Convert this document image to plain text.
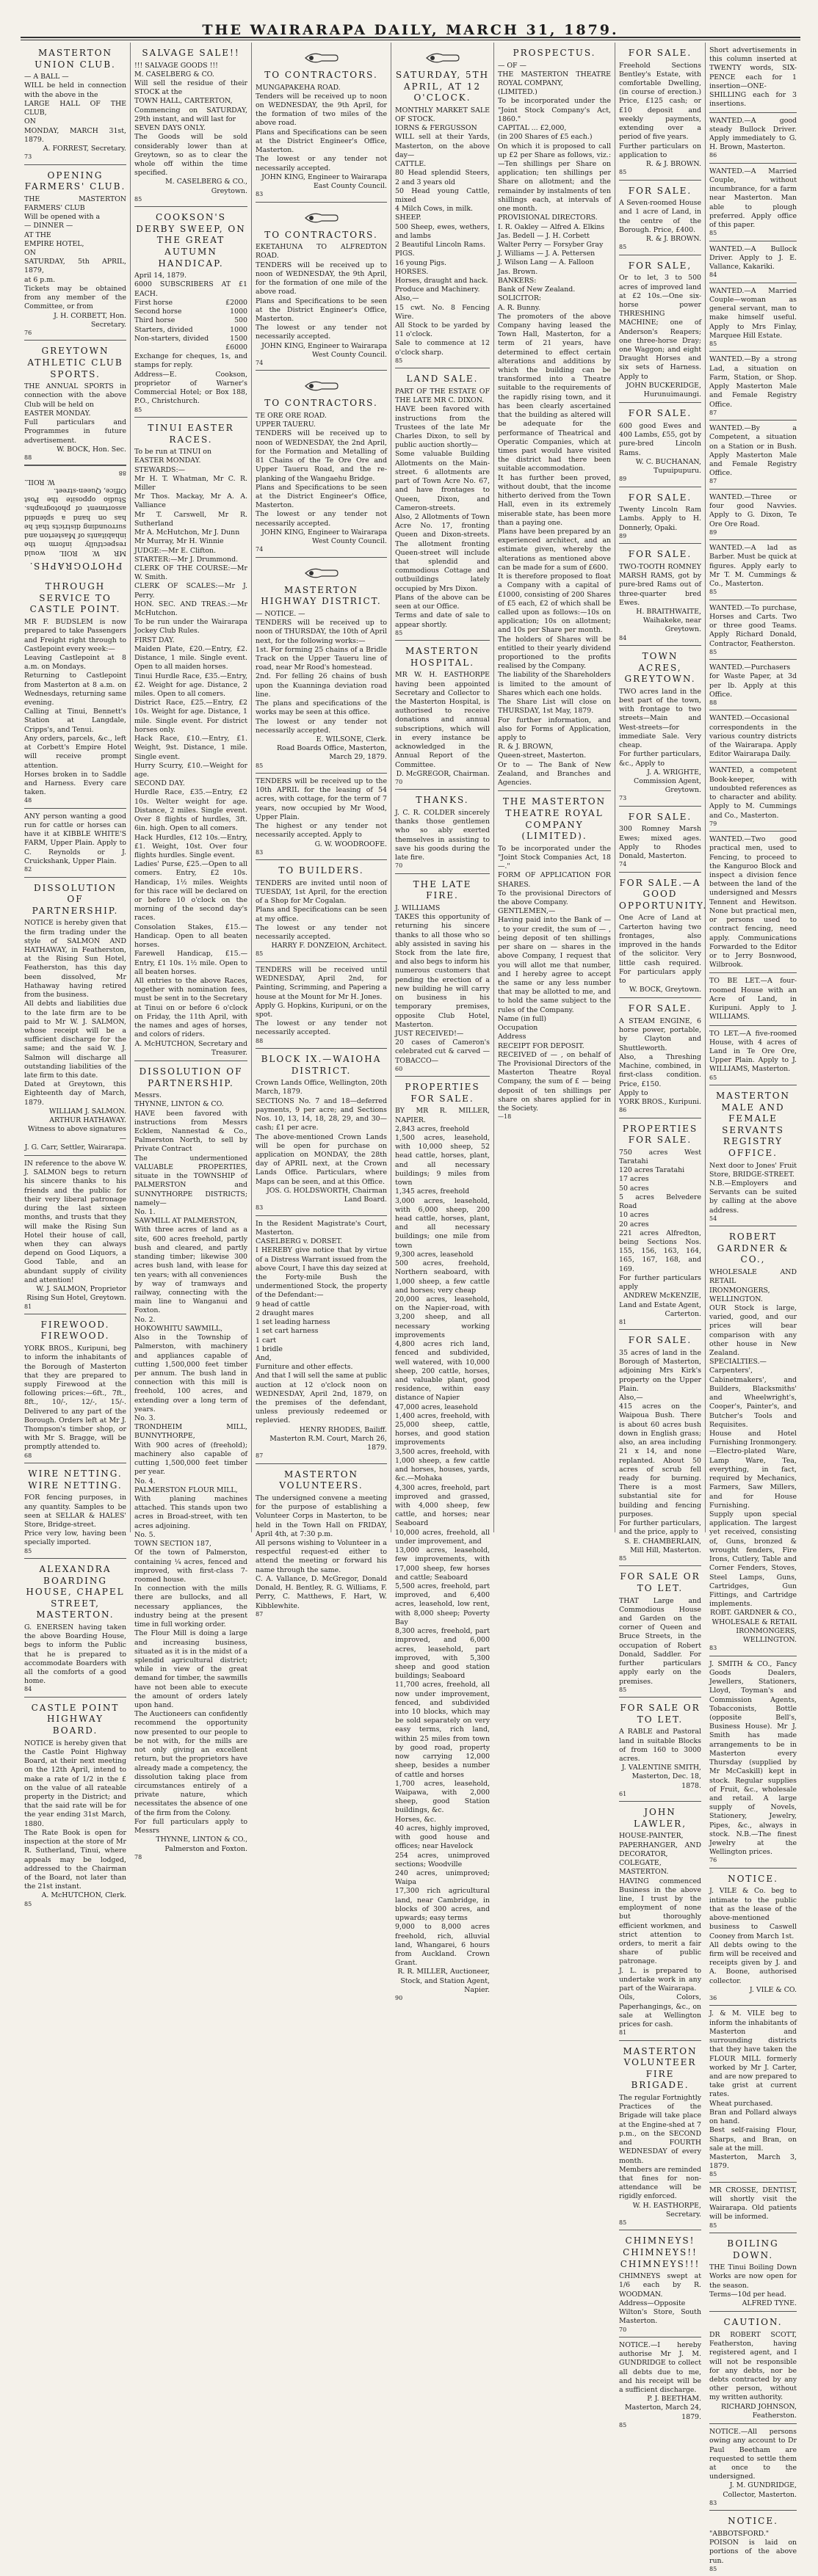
THE WAIRARAPA DAILY, MARCH 31, 1879.
MASTERTON UNION CLUB.
— A BALL —
WILL be held in connection with the above in the
LARGE HALL OF THE CLUB,
ON
MONDAY, MARCH 31st, 1879.
A. FORREST, Secretary.
73
OPENING FARMERS' CLUB.
THE MASTERTON FARMERS' CLUB
Will be opened with a
— DINNER —
AT THE
EMPIRE HOTEL,
ON
SATURDAY, 5th APRIL, 1879,
at 6 p.m.
Tickets may be obtained from any member of the Committee, or from
J. H. CORBETT, Hon. Secretary.
76
GREYTOWN ATHLETIC CLUB SPORTS.
THE ANNUAL SPORTS in connection with the above Club will be held on
EASTER MONDAY.
Full particulars and Programmes in future advertisement.
W. BOCK, Hon. Sec.
88
PHOTOGRAPHS.
MR W. ROIL would respectfully inform the inhabitants of Masterton and surrounding districts that he has on hand a splendid assortment of photographs. Studio opposite the Post Office, Queen-street.
W. ROIL.
88
THROUGH SERVICE TO CASTLE POINT.
MR F. BUDSLEM is now prepared to take Passengers and Freight right through to Castlepoint every week:—
Leaving Castlepoint at 8 a.m. on Mondays.
Returning to Castlepoint from Masterton at 8 a.m. on Wednesdays, returning same evening.
Calling at Tinui, Bennett's Station at Langdale, Cripps's, and Tenui.
Any orders, parcels, &c., left at Corbett's Empire Hotel will receive prompt attention.
Horses broken in to Saddle and Harness. Every care taken.
48
ANY person wanting a good run for cattle or horses can have it at KIBBLE WHITE'S FARM, Upper Plain. Apply to C. Reynolds or J. Cruickshank, Upper Plain.
82
DISSOLUTION OF PARTNERSHIP.
NOTICE is hereby given that the firm trading under the style of SALMON AND HATHAWAY, in Featherston, at the Rising Sun Hotel, Featherston, has this day been dissolved, Mr Hathaway having retired from the business.
All debts and liabilities due to the late firm are to be paid to Mr W. J. SALMON, whose receipt will be a sufficient discharge for the same; and the said W. J. Salmon will discharge all outstanding liabilities of the late firm to this date.
Dated at Greytown, this Eighteenth day of March, 1879.
WILLIAM J. SALMON.
ARTHUR HATHAWAY.
Witness to above signatures—
J. G. Carr, Settler, Wairarapa.
IN reference to the above W. J. SALMON begs to return his sincere thanks to his friends and the public for their very liberal patronage during the last sixteen months, and trusts that they will make the Rising Sun Hotel their house of call, when they can always depend on Good Liquors, a Good Table, and an abundant supply of civility and attention!
W. J. SALMON, Proprietor Rising Sun Hotel, Greytown.
81
FIREWOOD. FIREWOOD.
YORK BROS., Kuripuni, beg to inform the inhabitants of the Borough of Masterton that they are prepared to supply Firewood at the following prices:—6ft., 7ft., 8ft., 10/-, 12/-, 15/-. Delivered to any part of the Borough. Orders left at Mr J. Thompson's timber shop, or with Mr S. Bragge, will be promptly attended to.
68
WIRE NETTING. WIRE NETTING.
FOR fencing purposes, in any quantity. Samples to be seen at SELLAR & HALES' Store, Bridge-street.
Price very low, having been specially imported.
85
ALEXANDRA BOARDING HOUSE, CHAPEL STREET, MASTERTON.
G. ENERSEN having taken the above Boarding House, begs to inform the Public that he is prepared to accommodate Boarders with all the comforts of a good home.
84
CASTLE POINT HIGHWAY BOARD.
NOTICE is hereby given that the Castle Point Highway Board, at their next meeting on the 12th April, intend to make a rate of 1/2 in the £ on the value of all rateable property in the District; and that the said rate will be for the year ending 31st March, 1880.
The Rate Book is open for inspection at the store of Mr R. Sutherland, Tinui, where appeals may be lodged, addressed to the Chairman of the Board, not later than the 21st instant.
A. McHUTCHON, Clerk.
85
SALVAGE SALE!!
!!! SALVAGE GOODS !!!
M. CASELBERG & CO.
Will sell the residue of their STOCK at the
TOWN HALL, CARTERTON,
Commencing on SATURDAY, 29th instant, and will last for
SEVEN DAYS ONLY.
The Goods will be sold considerably lower than at Greytown, so as to clear the whole off within the time specified.
M. CASELBERG & CO., Greytown.
85
COOKSON'S DERBY SWEEP, ON THE GREAT AUTUMN HANDICAP.
April 14, 1879.
6000 SUBSCRIBERS AT £1 EACH.
First horse	£2000
Second horse	1000
Third horse	500
Starters, divided	1000
Non-starters, divided	1500
£6000
Exchange for cheques, 1s, and stamps for reply.
Address—E. Cookson, proprietor of Warner's Commercial Hotel; or Box 188, P.O., Christchurch.
85
TINUI EASTER RACES.
To be run at TINUI on
EASTER MONDAY.
STEWARDS:—
Mr H. T. Whatman, Mr C. R. Miller
Mr Thos. Mackay, Mr A. A. Valliance
Mr T. Carswell, Mr R. Sutherland
Mr A. McHutchon, Mr J. Dunn
Mr Murray, Mr H. Winnie
JUDGE:—Mr E. Clifton.
STARTER:—Mr J. Drummond.
CLERK OF THE COURSE:—Mr W. Smith.
CLERK OF SCALES:—Mr J. Perry.
HON. SEC. AND TREAS.:—Mr McHutchon.
To be run under the Wairarapa Jockey Club Rules.
FIRST DAY.
Maiden Plate, £20.—Entry, £2. Distance, 1 mile. Single event. Open to all maiden horses.
Tinui Hurdle Race, £35.—Entry, £2. Weight for age. Distance, 2 miles. Open to all comers.
District Race, £25.—Entry, £2 10s. Weight for age. Distance, 1 mile. Single event. For district horses only.
Hack Race, £10.—Entry, £1. Weight, 9st. Distance, 1 mile. Single event.
Hurry Scurry, £10.—Weight for age.
SECOND DAY.
Hurdle Race, £35.—Entry, £2 10s. Welter weight for age. Distance, 2 miles. Single event. Over 8 flights of hurdles, 3ft. 6in. high. Open to all comers.
Hack Hurdles, £12 10s.—Entry, £1. Weight, 10st. Over four flights hurdles. Single event.
Ladies' Purse, £25.—Open to all comers. Entry, £2 10s. Handicap, 1½ miles. Weights for this race will be declared on or before 10 o'clock on the morning of the second day's races.
Consolation Stakes, £15.—Handicap. Open to all beaten horses.
Farewell Handicap, £15.—Entry, £1 10s. 1½ mile. Open to all beaten horses.
All entries to the above Races, together with nomination fees, must be sent in to the Secretary at Tinui on or before 6 o'clock on Friday, the 11th April, with the names and ages of horses, and colors of riders.
A. McHUTCHON, Secretary and Treasurer.
DISSOLUTION OF PARTNERSHIP.
Messrs.
THYNNE, LINTON & CO.
HAVE been favored with instructions from Messrs Ecklem, Nannestad & Co., Palmerston North, to sell by Private Contract
The undermentioned VALUABLE PROPERTIES, situate in the TOWNSHIP of PALMERSTON and SUNNYTHORPE DISTRICTS; namely—
No. 1.
SAWMILL AT PALMERSTON,
With three acres of land as a site, 600 acres freehold, partly bush and cleared, and partly standing timber; likewise 300 acres bush land, with lease for ten years; with all conveniences by way of tramways and railway, connecting with the main line to Wanganui and Foxton.
No. 2.
HOKOWHITU SAWMILL,
Also in the Township of Palmerston, with machinery and appliances capable of cutting 1,500,000 feet timber per annum. The bush land in connection with this mill is freehold, 100 acres, and extending over a long term of years.
No. 3.
TRONDHEIM MILL, BUNNYTHORPE,
With 900 acres of (freehold); machinery also capable of cutting 1,500,000 feet timber per year.
No. 4.
PALMERSTON FLOUR MILL,
With planing machines attached. This stands upon two acres in Broad-street, with ten acres adjoining.
No. 5.
TOWN SECTION 187,
Of the town of Palmerston, containing ¼ acres, fenced and improved, with first-class 7-roomed house.
In connection with the mills there are bullocks, and all necessary appliances, the industry being at the present time in full working order.
The Flour Mill is doing a large and increasing business, situated as it is in the midst of a splendid agricultural district; while in view of the great demand for timber, the sawmills have not been able to execute the amount of orders lately upon hand.
The Auctioneers can confidently recommend the opportunity now presented to our people to be not with, for the mills are not only giving an excellent return, but the proprietors have already made a competency, the dissolution taking place from circumstances entirely of a private nature, which necessitates the absence of one of the firm from the Colony.
For full particulars apply to Messrs
THYNNE, LINTON & CO., Palmerston and Foxton.
78
TO CONTRACTORS.
MUNGAPAKEHA ROAD.
Tenders will be received up to noon on WEDNESDAY, the 9th April, for the formation of two miles of the above road.
Plans and Specifications can be seen at the District Engineer's Office, Masterton.
The lowest or any tender not necessarily accepted.
JOHN KING, Engineer to Wairarapa East County Council.
83
TO CONTRACTORS.
EKETAHUNA TO ALFREDTON ROAD.
TENDERS will be received up to noon of WEDNESDAY, the 9th April, for the formation of one mile of the above road.
Plans and Specifications to be seen at the District Engineer's Office, Masterton.
The lowest or any tender not necessarily accepted.
JOHN KING, Engineer to Wairarapa West County Council.
74
TO CONTRACTORS.
TE ORE ORE ROAD.
UPPER TAUERU.
TENDERS will be received up to noon of WEDNESDAY, the 2nd April, for the Formation and Metalling of 81 Chains of the Te Ore Ore and Upper Taueru Road, and the re-planking of the Wangaehu Bridge.
Plans and Specifications to be seen at the District Engineer's Office, Masterton.
The lowest or any tender not necessarily accepted.
JOHN KING, Engineer to Wairarapa West County Council.
74
MASTERTON HIGHWAY DISTRICT.
— NOTICE. —
TENDERS will be received up to noon of THURSDAY, the 10th of April next, for the following works:—
1st. For forming 25 chains of a Bridle Track on the Upper Taueru line of road, near Mr Rood's homestead.
2nd. For felling 26 chains of bush upon the Kuanninga deviation road line.
The plans and specifications of the works may be seen at this office.
The lowest or any tender not necessarily accepted.
E. WILSONE, Clerk.
Road Boards Office, Masterton, March 29, 1879.
85
TENDERS will be received up to the 10th APRIL for the leasing of 54 acres, with cottage, for the term of 7 years, now occupied by Mr Wood, Upper Plain.
The highest or any tender not necessarily accepted. Apply to
G. W. WOODROOFE.
83
TO BUILDERS.
TENDERS are invited until noon of TUESDAY, 1st April, for the erection of a Shop for Mr Cogalan.
Plans and Specifications can be seen at my office.
The lowest or any tender not necessarily accepted.
HARRY F. DONZEION, Architect.
85
TENDERS will be received until WEDNESDAY, April 2nd, for Painting, Scrimming, and Papering a house at the Mount for Mr H. Jones.
Apply G. Hopkins, Kuripuni, or on the spot.
The lowest or any tender not necessarily accepted.
88
BLOCK IX.—WAIOHA DISTRICT.
Crown Lands Office, Wellington, 20th March, 1879.
SECTIONS No. 7 and 18—deferred payments, 9 per acre; and Sections Nos. 10, 13, 14, 18, 28, 29, and 30—cash; £1 per acre.
The above-mentioned Crown Lands will be open for purchase on application on MONDAY, the 28th day of APRIL next, at the Crown Lands Office. Particulars, where Maps can be seen, and at this Office.
JOS. G. HOLDSWORTH, Chairman Land Board.
83
In the Resident Magistrate's Court, Masterton.
CASELBERG v. DORSET.
I HEREBY give notice that by virtue of a Distress Warrant issued from the above Court, I have this day seized at the Forty-mile Bush the undermentioned Stock, the property of the Defendant:—
9 head of cattle
2 draught mares
1 set leading harness
1 set cart harness
1 cart
1 bridle
And,
Furniture and other effects.
And that I will sell the same at public auction at 12 o'clock noon on WEDNESDAY, April 2nd, 1879, on the premises of the defendant, unless previously redeemed or replevied.
HENRY RHODES, Bailiff.
Masterton R.M. Court, March 26, 1879.
87
MASTERTON VOLUNTEERS.
The undersigned convene a meeting for the purpose of establishing a Volunteer Corps in Masterton, to be held in the Town Hall on FRIDAY, April 4th, at 7:30 p.m.
All persons wishing to Volunteer in a respectful request-ed either to attend the meeting or forward his name through the same.
C. A. Vallance, D. McGregor, Donald Donald, H. Bentley, R. G. Williams, F. Perry, C. Matthews, F. Hart, W. Kibblewhite.
87
SATURDAY, 5TH APRIL, AT 12 O'CLOCK.
MONTHLY MARKET SALE OF STOCK.
IORNS & FERGUSSON
WILL sell at their Yards, Masterton, on the above day—
CATTLE.
80 Head splendid Steers, 2 and 3 years old
50 Head young Cattle, mixed
4 Milch Cows, in milk.
SHEEP.
500 Sheep, ewes, wethers, and lambs
2 Beautiful Lincoln Rams.
PIGS.
16 young Pigs.
HORSES.
Horses, draught and hack.
Produce and Machinery.
Also,—
15 cwt. No. 8 Fencing Wire.
All Stock to be yarded by 11 o'clock.
Sale to commence at 12 o'clock sharp.
85
LAND SALE.
PART OF THE ESTATE OF THE LATE MR C. DIXON.
HAVE been favored with instructions from the Trustees of the late Mr Charles Dixon, to sell by public auction shortly—
Some valuable Building Allotments on the Main-street. 6 allotments are part of Town Acre No. 67, and have frontages to Queen, Dixon, and Cameron-streets.
Also, 2 Allotments of Town Acre No. 17, fronting Queen and Dixon-streets. The allotment fronting Queen-street will include that splendid and commodious Cottage and outbuildings lately occupied by Mrs Dixon.
Plans of the above can be seen at our Office.
Terms and date of sale to appear shortly.
85
MASTERTON HOSPITAL.
MR W. H. EASTHORPE having been appointed Secretary and Collector to the Masterton Hospital, is authorised to receive donations and annual subscriptions, which will in every instance be acknowledged in the Annual Report of the Committee.
D. McGREGOR, Chairman.
70
THANKS.
J. C. R. COLDER sincerely thanks those gentlemen who so ably exerted themselves in assisting to save his goods during the late fire.
70
THE LATE FIRE.
J. WILLIAMS
TAKES this opportunity of returning his sincere thanks to all those who so ably assisted in saving his Stock from the late fire, and also begs to inform his numerous customers that pending the erection of a new building he will carry on business in his temporary premises, opposite Club Hotel, Masterton.
JUST RECEIVED!—
20 cases of Cameron's celebrated cut & carved —TOBACCO—
60
PROPERTIES FOR SALE.
BY MR R. MILLER, NAPIER.
2,843 acres, freehold
1,500 acres, leasehold, with 10,000 sheep, 52 head cattle, horses, plant, and all necessary buildings; 9 miles from town
1,345 acres, freehold
3,000 acres, leasehold, with 6,000 sheep, 200 head cattle, horses, plant, and all necessary buildings; one mile from town
9,300 acres, leasehold
500 acres, freehold, Northern seaboard, with 1,000 sheep, a few cattle and horses; very cheap
20,000 acres, leasehold, on the Napier-road, with 3,200 sheep, and all necessary working improvements
4,800 acres rich land, fenced and subdivided, well watered, with 10,000 sheep, 200 cattle, horses, and valuable plant, good residence, within easy distance of Napier
47,000 acres, leasehold
1,400 acres, freehold, with 25,000 sheep, cattle, horses, and good station improvements
3,500 acres, freehold, with 1,000 sheep, a few cattle and horses, houses, yards, &c.—Mohaka
4,300 acres, freehold, part improved and grassed, with 4,000 sheep, few cattle, and horses; near Seaboard
10,000 acres, freehold, all under improvement, and
13,000 acres, leasehold, few improvements, with 17,000 sheep, few horses and cattle; Seaboard
5,500 acres, freehold, part improved, and 6,400 acres, leasehold, low rent, with 8,000 sheep; Poverty Bay
8,300 acres, freehold, part improved, and 6,000 acres, leasehold, part improved, with 5,300 sheep and good station buildings; Seaboard
11,700 acres, freehold, all now under improvement, fenced, and subdivided into 10 blocks, which may be sold separately on very easy terms, rich land, within 25 miles from town by good road, property now carrying 12,000 sheep, besides a number of cattle and horses
1,700 acres, leasehold, Waipawa, with 2,000 sheep, good Station buildings, &c.
Horses, &c.
40 acres, highly improved, with good house and offices; near Havelock
254 acres, unimproved sections; Woodville
240 acres, unimproved; Waipa
17,300 rich agricultural land, near Cambridge, in blocks of 300 acres, and upwards; easy terms
9,000 to 8,000 acres freehold, rich, alluvial land, Whangarei, 6 hours from Auckland. Crown Grant.
R. R. MILLER, Auctioneer, Stock, and Station Agent, Napier.
90
PROSPECTUS.
— OF —
THE MASTERTON THEATRE ROYAL COMPANY,
(LIMITED.)
To be incorporated under the "Joint Stock Company's Act, 1860."
CAPITAL ... £2,000,
(in 200 Shares of £5 each.)
On which it is proposed to call up £2 per Share as follows, viz.:—Ten shillings per Share on application; ten shillings per Share on allotment; and the remainder by instalments of ten shillings each, at intervals of one month.
PROVISIONAL DIRECTORS.
I. R. Oakley — Alfred A. Elkins
Jas. Bedell — J. H. Corbett
Walter Perry — Forsyber Gray
J. Williams — J. A. Pettersen
J. Wilson Lang — A. Falloon
Jas. Brown.
BANKERS:
Bank of New Zealand.
SOLICITOR:
A. R. Bunny.
The promoters of the above Company having leased the Town Hall, Masterton, for a term of 21 years, have determined to effect certain alterations and additions by which the building can be transformed into a Theatre suitable to the requirements of the rapidly rising town, and it has been clearly ascertained that the building as altered will be adequate for the performance of Theatrical and Operatic Companies, which at times past would have visited the district had there been suitable accommodation.
It has further been proved, without doubt, that the income hitherto derived from the Town Hall, even in its extremely miserable state, has been more than a paying one.
Plans have been prepared by an experienced architect, and an estimate given, whereby the alterations as mentioned above can be made for a sum of £600.
It is therefore proposed to float a Company with a capital of £1000, consisting of 200 Shares of £5 each, £2 of which shall be called upon as follows:—10s on application; 10s on allotment; and 10s per Share per month.
The holders of Shares will be entitled to their yearly dividend proportioned to the profits realised by the Company.
The liability of the Shareholders is limited to the amount of Shares which each one holds.
The Share List will close on THURSDAY, 1st May, 1879.
For further information, and also for Forms of Application, apply to
R. & J. BROWN,
Queen-street, Masterton.
Or to — The Bank of New Zealand, and Branches and Agencies.
THE MASTERTON THEATRE ROYAL COMPANY (LIMITED).
To be incorporated under the "Joint Stock Companies Act, 18—."
FORM OF APPLICATION FOR SHARES.
To the provisional Directors of the above Company.
GENTLEMEN,—
Having paid into the Bank of — , to your credit, the sum of — , being deposit of ten shillings per share on — shares in the above Company, I request that you will allot me that number, and I hereby agree to accept the same or any less number that may be allotted to me, and to hold the same subject to the rules of the Company.
Name (in full)
Occupation
Address
RECEIPT FOR DEPOSIT.
RECEIVED of — , on behalf of The Provisional Directors of the Masterton Theatre Royal Company, the sum of £ — being deposit of ten shillings per share on shares applied for in the Society.
—18
FOR SALE.
Freehold Sections Bentley's Estate, with comfortable Dwelling, (in course of erection.) Price, £125 cash; or £10 deposit and weekly payments, extending over a period of five years.
Further particulars on application to
R. & J. BROWN.
85
FOR SALE.
A Seven-roomed House and 1 acre of Land, in the centre of the Borough. Price, £400.
R. & J. BROWN.
85
FOR SALE,
Or to let, 3 to 500 acres of improved land at £2 10s.—One six-horse power THRESHING MACHINE; one of Anderson's Reapers; one three-horse Dray; one Waggon; and eight Draught Horses and six sets of Harness. Apply to
JOHN BUCKERIDGE, Hurunuimaungi.
FOR SALE.
600 good Ewes and 400 Lambs, £55, got by pure-bred Lincoln Rams.
W. C. BUCHANAN, Tupuipupuru.
89
FOR SALE.
Twenty Lincoln Ram Lambs. Apply to H. Donnerly, Opaki.
89
FOR SALE.
TWO-TOOTH ROMNEY MARSH RAMS, got by pure-bred Rams out of three-quarter bred Ewes.
H. BRAITHWAITE, Waihakeke, near Greytown.
84
TOWN ACRES, GREYTOWN.
TWO acres land in the best part of the town, with frontage to two streets—Main and West-streets—for immediate Sale. Very cheap.
For further particulars, &c., Apply to
J. A. WRIGHTE, Commission Agent, Greytown.
73
FOR SALE.
300 Romney Marsh Ewes; mixed ages. Apply to Rhodes Donald, Masterton.
74
FOR SALE.—A GOOD OPPORTUNITY.
One Acre of Land at Carterton having two frontages, also improved in the hands of the solicitor. Very little cash required. For particulars apply to
W. BOCK, Greytown.
FOR SALE.
A STEAM ENGINE, 6 horse power, portable, by Clayton and Shuttleworth.
Also, a Threshing Machine, combined, in first-class condition. Price, £150.
Apply to
YORK BROS., Kuripuni.
86
PROPERTIES FOR SALE.
750 acres West Taratahi
120 acres Taratahi
17 acres
50 acres
5 acres Belvedere Road
10 acres
20 acres
221 acres Alfredton, being Sections Nos. 155, 156, 163, 164, 165, 167, 168, and 169.
For further particulars apply
ANDREW McKENZIE, Land and Estate Agent, Carterton.
81
FOR SALE.
35 acres of land in the Borough of Masterton, adjoining Mrs Kirk's property on the Upper Plain.
Also,—
415 acres on the Waipoua Bush. There is about 60 acres bush down in English grass; also, an area including 21 x 14, and none replanted. About 50 acres of scrub fell ready for burning. There is a most substantial site for building and fencing purposes.
For further particulars, and the price, apply to
S. E. CHAMBERLAIN, Mill Hill, Masterton.
85
FOR SALE OR TO LET.
THAT Large and Commodious House and Garden on the corner of Queen and Bruce Streets, in the occupation of Robert Donald, Saddler. For further particulars apply early on the premises.
85
FOR SALE OR TO LET.
A RABLE and Pastoral land in suitable Blocks of from 160 to 3000 acres.
J. VALENTINE SMITH, Masterton, Dec. 18, 1878.
61
JOHN LAWLER,
HOUSE-PAINTER, PAPERHANGER, AND DECORATOR,
COLEGATE, MASTERTON.
HAVING commenced Business in the above line, I trust by the employment of none but thoroughly efficient workmen, and strict attention to orders, to merit a fair share of public patronage.
J. L. is prepared to undertake work in any part of the Wairarapa.
Oils, Colors, Paperhangings, &c., on sale at Wellington prices for cash.
81
MASTERTON VOLUNTEER FIRE BRIGADE.
The regular Fortnightly Practices of the Brigade will take place at the Engine-shed at 7 p.m., on the SECOND and FOURTH WEDNESDAY of every month.
Members are reminded that fines for non-attendance will be rigidly enforced.
W. H. EASTHORPE, Secretary.
85
CHIMNEYS! CHIMNEYS!! CHIMNEYS!!!
CHIMNEYS swept at 1/6 each by R. WOODMAN.
Address—Opposite Wilton's Store, South Masterton.
70
NOTICE.—I hereby authorise Mr J. M. GUNDRIDGE to collect all debts due to me, and his receipt will be a sufficient discharge.
P. J. BEETHAM.
Masterton, March 24, 1879.
85
Short advertisements in this column inserted at TWENTY words, SIX-PENCE each for 1 insertion—ONE-SHILLING each for 3 insertions.
WANTED.—A good steady Bullock Driver. Apply immediately to G. H. Brown, Masterton.
86
WANTED.—A Married Couple, without incumbrance, for a farm near Masterton. Man able to plough preferred. Apply office of this paper.
85
WANTED.—A Bullock Driver. Apply to J. E. Vallance, Kakariki.
84
WANTED.—A Married Couple—woman as general servant, man to make himself useful. Apply to Mrs Finlay, Marquee Hill Estate.
85
WANTED.—By a strong Lad, a situation on Farm, Station, or Shop. Apply Masterton Male and Female Registry Office.
87
WANTED.—By a Competent, a situation on a Station or in Bush. Apply Masterton Male and Female Registry Office.
87
WANTED.—Three or four good Navvies. Apply to G. Dixon, Te Ore Ore Road.
89
WANTED.—A lad as Barber. Must be quick at figures. Apply early to Mr T. M. Cummings & Co., Masterton.
85
WANTED.—To purchase, Horses and Carts. Two or three good Teams. Apply Richard Donald, Contractor, Featherston.
85
WANTED.—Purchasers for Waste Paper, at 3d per lb. Apply at this Office.
88
WANTED.—Occasional correspondents in the various country districts of the Wairarapa. Apply Editor Wairarapa Daily.
WANTED, a competent Book-keeper, with undoubted references as to character and ability. Apply to M. Cummings and Co., Masterton.
79
WANTED.—Two good practical men, used to Fencing, to proceed to the Kanguroo Block and inspect a division fence between the land of the undersigned and Messrs Tennent and Hewitson. None but practical men, or persons used to contract fencing, need apply. Communications Forwarded to the Editor or to Jerry Bosnwood, Wilbrook.
TO BE LET.—A four-roomed House with an Acre of Land, in Kuripuni. Apply to J. WILLIAMS.
TO LET.—A five-roomed House, with 4 acres of Land in Te Ore Ore, Upper Plain. Apply to J. WILLIAMS, Masterton.
65
MASTERTON MALE AND FEMALE SERVANTS REGISTRY OFFICE.
Next door to Jones' Fruit Store, BRIDGE-STREET.
N.B.—Employers and Servants can be suited by calling at the above address.
54
ROBERT GARDNER & CO.,
WHOLESALE AND RETAIL IRONMONGERS, WELLINGTON.
OUR Stock is large, varied, good, and our prices will bear comparison with any other house in New Zealand.
SPECIALTIES.—Carpenters', Cabinetmakers', and Builders, Blacksmiths' and Wheelwright's, Cooper's, Painter's, and Butcher's Tools and Requisites.
House and Hotel Furnishing Ironmongery. —Electro-plated Ware, Lamp Ware, Tea, everything, in fact, required by Mechanics, Farmers, Saw Millers, and for House Furnishing.
Supply upon special application. The largest yet received, consisting of, Guns, bronzed & wrought fenders, Fire Irons, Cutlery, Table and Corner Fenders, Stoves, Steel Lamps, Guns, Cartridges, Gun Fittings, and Cartridge implements.
ROBT. GARDNER & CO., WHOLESALE & RETAIL IRONMONGERS, WELLINGTON.
83
J. SMITH & CO., Fancy Goods Dealers, Jewellers, Stationers, Lloyd, Toyman's and Commission Agents, Tobacconists, Bottle (opposite Bell's, Business House). Mr J. Smith has made arrangements to be in Masterton every Thursday (supplied by Mr McCaskill) kept in stock. Regular supplies of Fruit, &c., wholesale and retail. A large supply of Novels, Stationery, Jewelry, Pipes, &c., always in stock. N.B.—The finest Jewelry at the Wellington prices.
76
NOTICE.
J. VILE & Co. beg to intimate to the public that as the lease of the above-mentioned business to Caswell Cooney from March 1st.
All debts owing to the firm will be received and receipts given by J. and A. Boone, authorised collector.
J. VILE & CO.
36
J. & M. VILE beg to inform the inhabitants of Masterton and surrounding districts that they have taken the FLOUR MILL formerly worked by Mr J. Carter, and are now prepared to take grist at current rates.
Wheat purchased.
Bran and Pollard always on hand.
Best self-raising Flour, Sharps, and Bran, on sale at the mill.
Masterton, March 3, 1879.
85
MR CROSSE, DENTIST, will shortly visit the Wairarapa. Old patients will be informed.
85
BOILING DOWN.
THE Tinui Boiling Down Works are now open for the season.
Terms—10d per head.
ALFRED TYNE.
CAUTION.
DR ROBERT SCOTT, Featherston, having registered agent, and I will not be responsible for any debts, nor be debts contracted by any other person, without my written authority.
RICHARD JOHNSON, Featherston.
NOTICE.—All persons owing any account to Dr Paul Beetham are requested to settle them at once to the undersigned.
J. M. GUNDRIDGE, Collector, Masterton.
83
NOTICE.
"ABBOTSFORD."
POISON is laid on portions of the above run.
85
